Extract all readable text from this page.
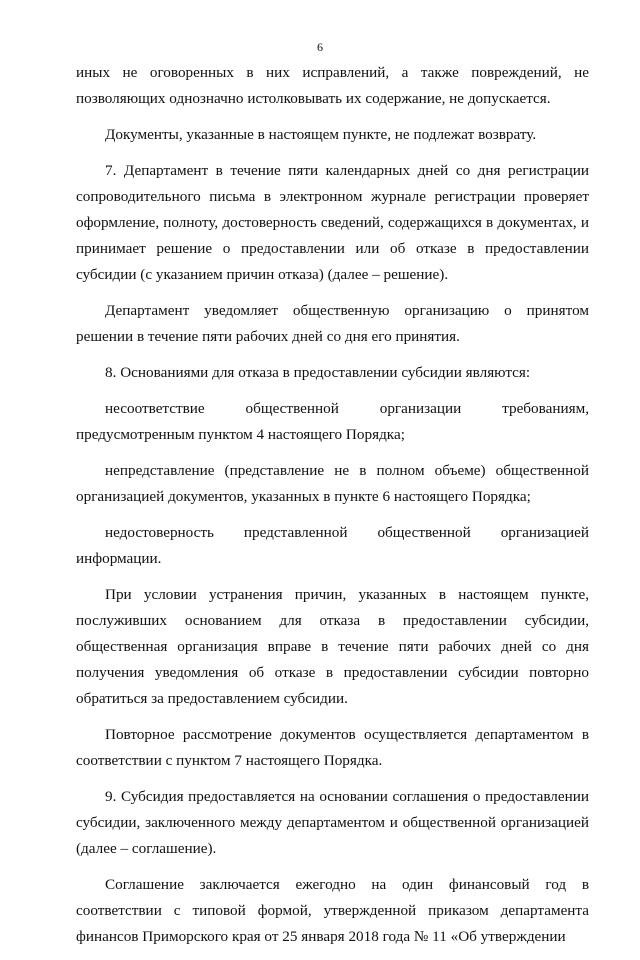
6

иных не оговоренных в них исправлений, а также повреждений, не позволяющих однозначно истолковывать их содержание, не допускается.

Документы, указанные в настоящем пункте, не подлежат возврату.

7. Департамент в течение пяти календарных дней со дня регистрации сопроводительного письма в электронном журнале регистрации проверяет оформление, полноту, достоверность сведений, содержащихся в документах, и принимает решение о предоставлении или об отказе в предоставлении субсидии (с указанием причин отказа) (далее – решение).

Департамент уведомляет общественную организацию о принятом решении в течение пяти рабочих дней со дня его принятия.

8. Основаниями для отказа в предоставлении субсидии являются:

несоответствие общественной организации требованиям, предусмотренным пунктом 4 настоящего Порядка;

непредставление (представление не в полном объеме) общественной организацией документов, указанных в пункте 6 настоящего Порядка;

недостоверность представленной общественной организацией информации.

При условии устранения причин, указанных в настоящем пункте, послуживших основанием для отказа в предоставлении субсидии, общественная организация вправе в течение пяти рабочих дней со дня получения уведомления об отказе в предоставлении субсидии повторно обратиться за предоставлением субсидии.

Повторное рассмотрение документов осуществляется департаментом в соответствии с пунктом 7 настоящего Порядка.

9. Субсидия предоставляется на основании соглашения о предоставлении субсидии, заключенного между департаментом и общественной организацией (далее – соглашение).

Соглашение заключается ежегодно на один финансовый год в соответствии с типовой формой, утвержденной приказом департамента финансов Приморского края от 25 января 2018 года № 11 «Об утверждении
